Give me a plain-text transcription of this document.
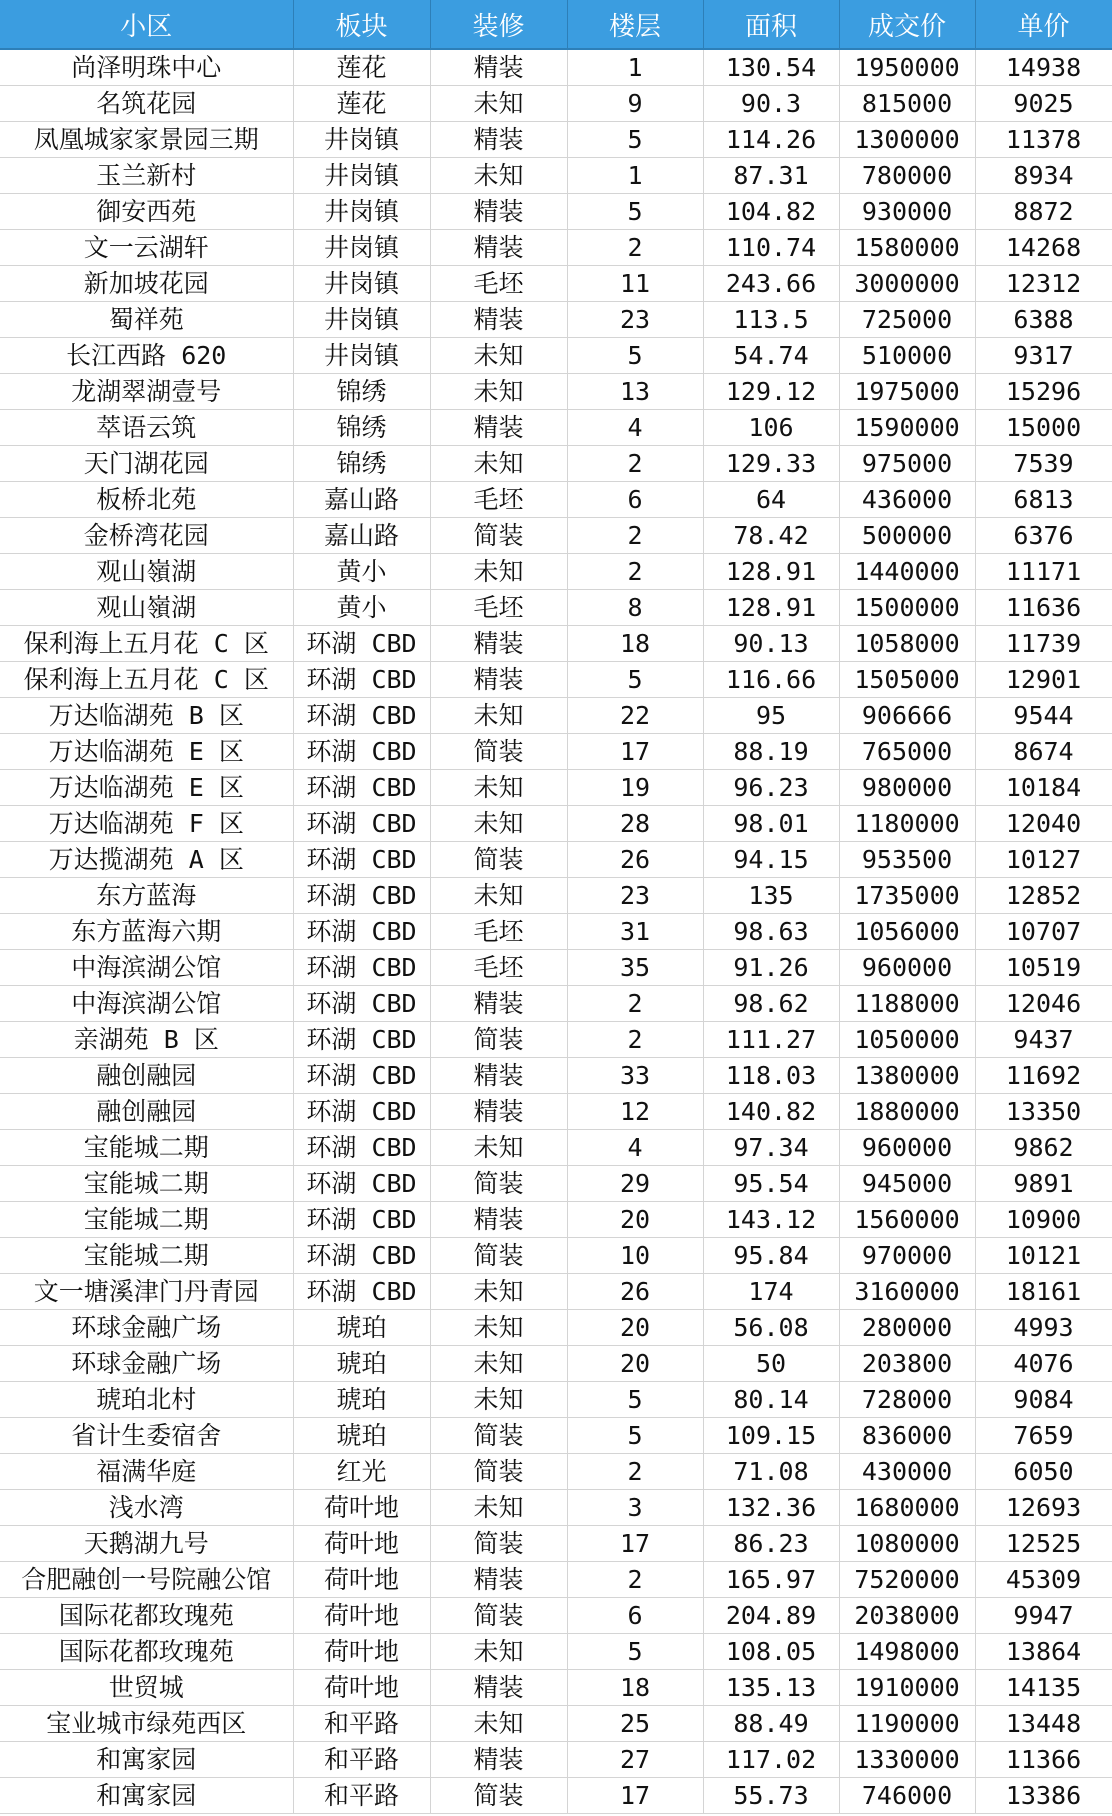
小区	板块	装修	楼层	面积	成交价	单价
尚泽明珠中心	莲花	精装	1	130.54	1950000	14938
名筑花园	莲花	未知	9	90.3	815000	9025
凤凰城家家景园三期	井岗镇	精装	5	114.26	1300000	11378
玉兰新村	井岗镇	未知	1	87.31	780000	8934
御安西苑	井岗镇	精装	5	104.82	930000	8872
文一云湖轩	井岗镇	精装	2	110.74	1580000	14268
新加坡花园	井岗镇	毛坯	11	243.66	3000000	12312
蜀祥苑	井岗镇	精装	23	113.5	725000	6388
长江西路 620	井岗镇	未知	5	54.74	510000	9317
龙湖翠湖壹号	锦绣	未知	13	129.12	1975000	15296
萃语云筑	锦绣	精装	4	106	1590000	15000
天门湖花园	锦绣	未知	2	129.33	975000	7539
板桥北苑	嘉山路	毛坯	6	64	436000	6813
金桥湾花园	嘉山路	简装	2	78.42	500000	6376
观山嶺湖	黄小	未知	2	128.91	1440000	11171
观山嶺湖	黄小	毛坯	8	128.91	1500000	11636
保利海上五月花 C 区	环湖 CBD	精装	18	90.13	1058000	11739
保利海上五月花 C 区	环湖 CBD	精装	5	116.66	1505000	12901
万达临湖苑 B 区	环湖 CBD	未知	22	95	906666	9544
万达临湖苑 E 区	环湖 CBD	简装	17	88.19	765000	8674
万达临湖苑 E 区	环湖 CBD	未知	19	96.23	980000	10184
万达临湖苑 F 区	环湖 CBD	未知	28	98.01	1180000	12040
万达揽湖苑 A 区	环湖 CBD	简装	26	94.15	953500	10127
东方蓝海	环湖 CBD	未知	23	135	1735000	12852
东方蓝海六期	环湖 CBD	毛坯	31	98.63	1056000	10707
中海滨湖公馆	环湖 CBD	毛坯	35	91.26	960000	10519
中海滨湖公馆	环湖 CBD	精装	2	98.62	1188000	12046
亲湖苑 B 区	环湖 CBD	简装	2	111.27	1050000	9437
融创融园	环湖 CBD	精装	33	118.03	1380000	11692
融创融园	环湖 CBD	精装	12	140.82	1880000	13350
宝能城二期	环湖 CBD	未知	4	97.34	960000	9862
宝能城二期	环湖 CBD	简装	29	95.54	945000	9891
宝能城二期	环湖 CBD	精装	20	143.12	1560000	10900
宝能城二期	环湖 CBD	简装	10	95.84	970000	10121
文一塘溪津门丹青园	环湖 CBD	未知	26	174	3160000	18161
环球金融广场	琥珀	未知	20	56.08	280000	4993
环球金融广场	琥珀	未知	20	50	203800	4076
琥珀北村	琥珀	未知	5	80.14	728000	9084
省计生委宿舍	琥珀	简装	5	109.15	836000	7659
福满华庭	红光	简装	2	71.08	430000	6050
浅水湾	荷叶地	未知	3	132.36	1680000	12693
天鹅湖九号	荷叶地	简装	17	86.23	1080000	12525
合肥融创一号院融公馆	荷叶地	精装	2	165.97	7520000	45309
国际花都玫瑰苑	荷叶地	简装	6	204.89	2038000	9947
国际花都玫瑰苑	荷叶地	未知	5	108.05	1498000	13864
世贸城	荷叶地	精装	18	135.13	1910000	14135
宝业城市绿苑西区	和平路	未知	25	88.49	1190000	13448
和寓家园	和平路	精装	27	117.02	1330000	11366
和寓家园	和平路	简装	17	55.73	746000	13386
